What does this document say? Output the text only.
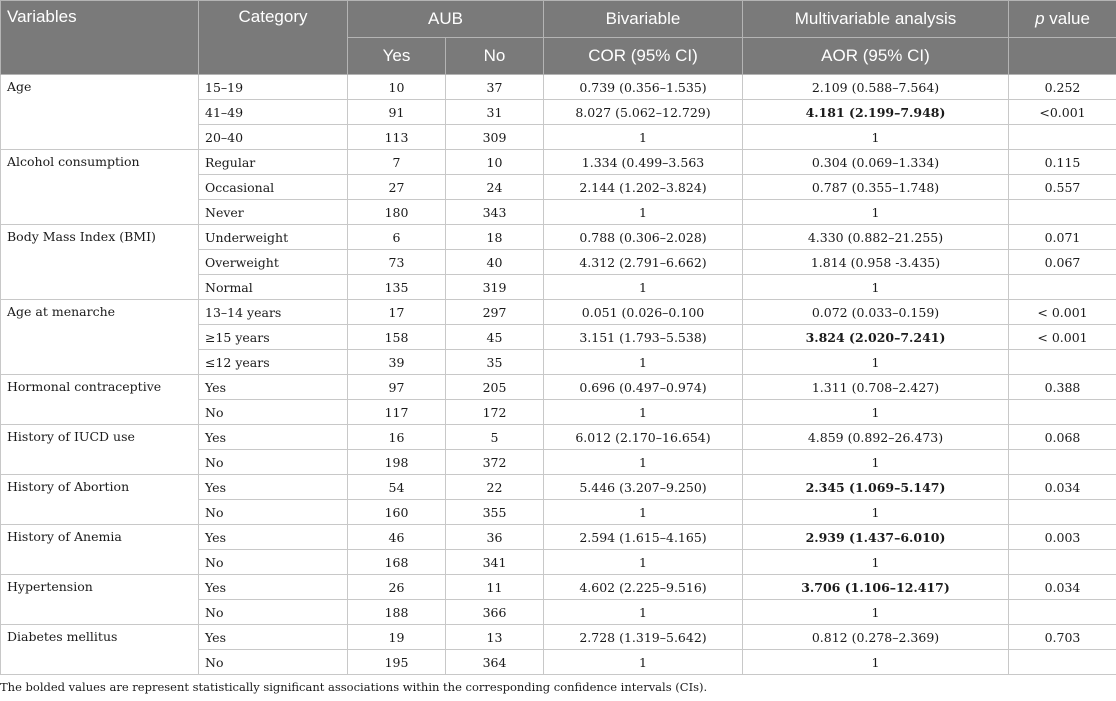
Variables	Category	AUB		Bivariable	Multivariable analysis	p value
		Yes	No	COR (95% CI)	AOR (95% CI)	
Age	15–19	10	37	0.739 (0.356–1.535)	2.109 (0.588–7.564)	0.252
	41–49	91	31	8.027 (5.062–12.729)	4.181 (2.199–7.948)	<0.001
	20–40	113	309	1	1	
Alcohol consumption	Regular	7	10	1.334 (0.499–3.563	0.304 (0.069–1.334)	0.115
	Occasional	27	24	2.144 (1.202–3.824)	0.787 (0.355–1.748)	0.557
	Never	180	343	1	1	
Body Mass Index (BMI)	Underweight	6	18	0.788 (0.306–2.028)	4.330 (0.882–21.255)	0.071
	Overweight	73	40	4.312 (2.791–6.662)	1.814 (0.958 -3.435)	0.067
	Normal	135	319	1	1	
Age at menarche	13–14 years	17	297	0.051 (0.026–0.100	0.072 (0.033–0.159)	< 0.001
	≥15 years	158	45	3.151 (1.793–5.538)	3.824 (2.020–7.241)	< 0.001
	≤12 years	39	35	1	1	
Hormonal contraceptive	Yes	97	205	0.696 (0.497–0.974)	1.311 (0.708–2.427)	0.388
	No	117	172	1	1	
History of IUCD use	Yes	16	5	6.012 (2.170–16.654)	4.859 (0.892–26.473)	0.068
	No	198	372	1	1	
History of Abortion	Yes	54	22	5.446 (3.207–9.250)	2.345 (1.069–5.147)	0.034
	No	160	355	1	1	
History of Anemia	Yes	46	36	2.594 (1.615–4.165)	2.939 (1.437–6.010)	0.003
	No	168	341	1	1	
Hypertension	Yes	26	11	4.602 (2.225–9.516)	3.706 (1.106–12.417)	0.034
	No	188	366	1	1	
Diabetes mellitus	Yes	19	13	2.728 (1.319–5.642)	0.812 (0.278–2.369)	0.703
	No	195	364	1	1	
The bolded values are represent statistically significant associations within the corresponding confidence intervals (CIs).
